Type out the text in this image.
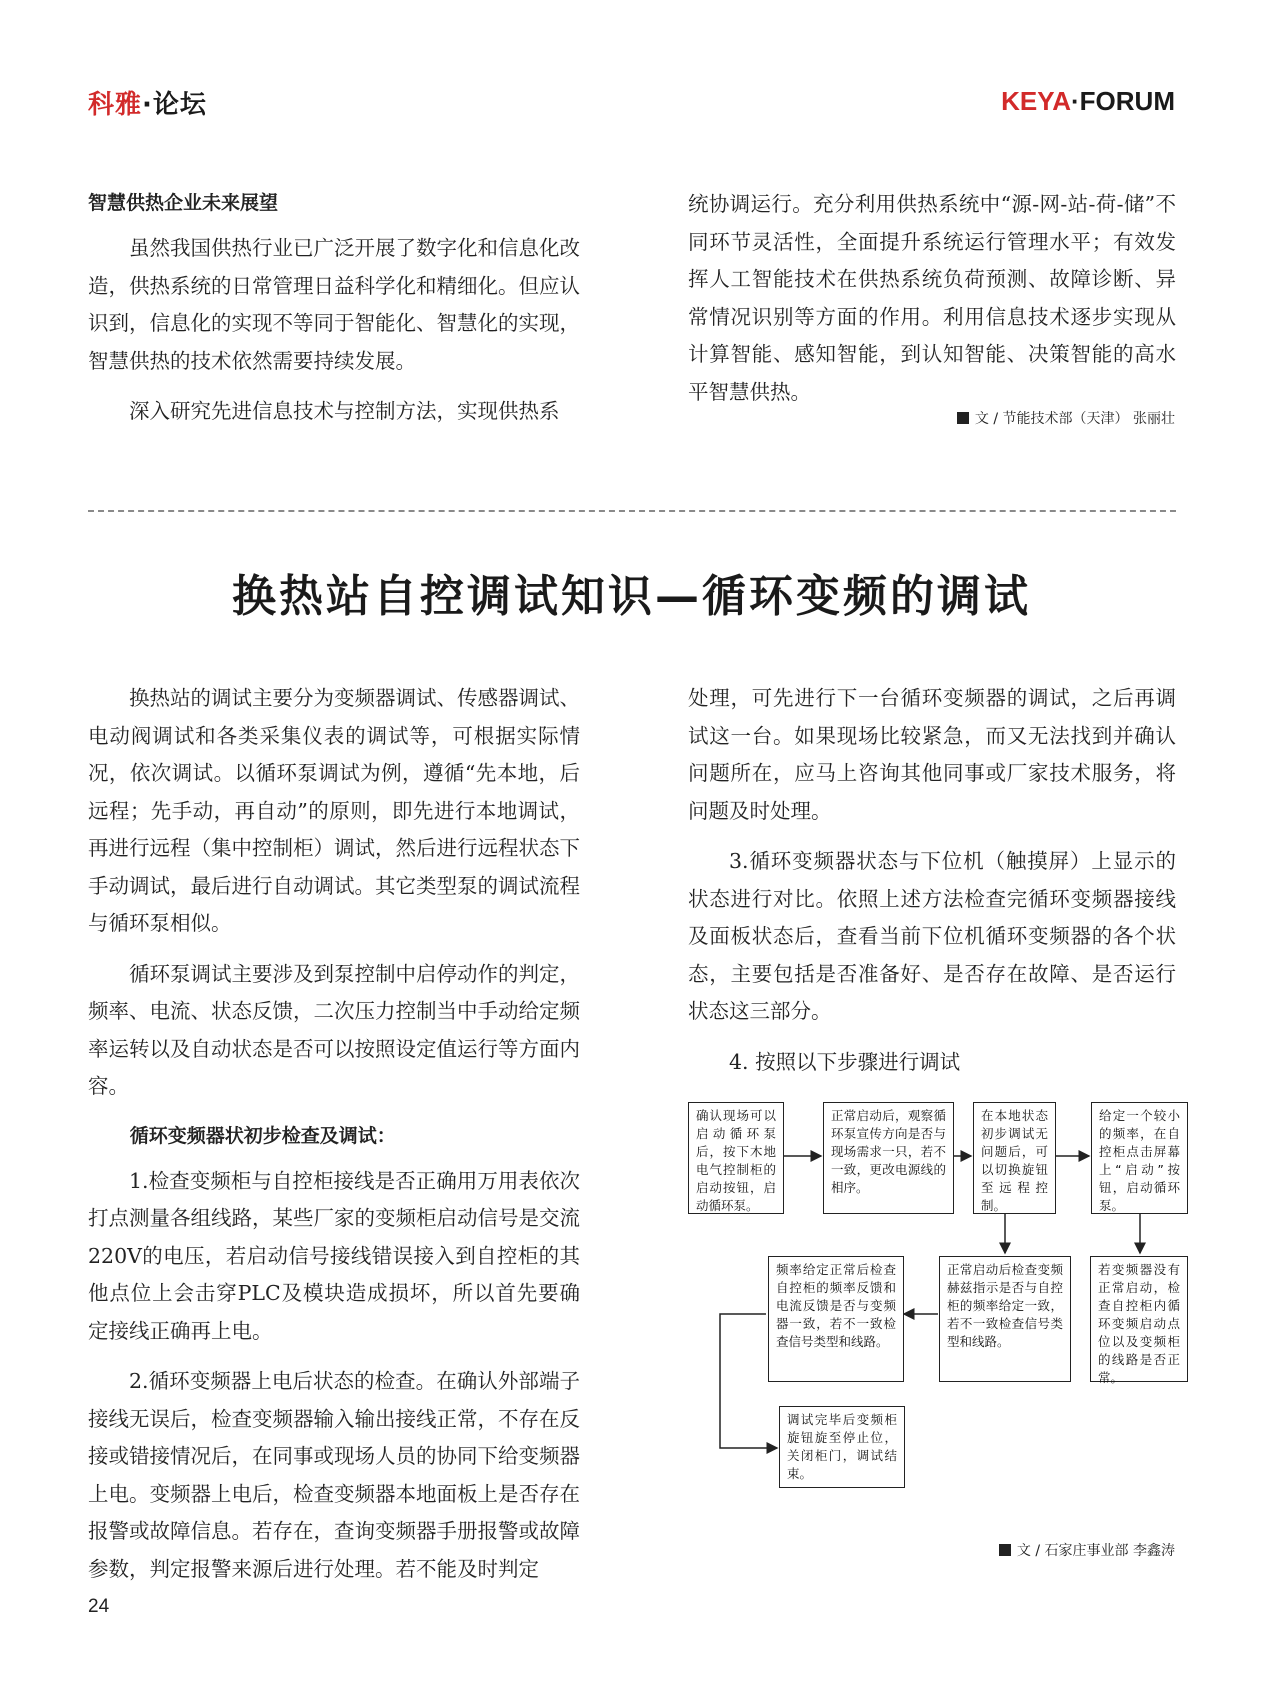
科雅·论坛	KEYA·FORUM
智慧供热企业未来展望

虽然我国供热行业已广泛开展了数字化和信息化改造，供热系统的日常管理日益科学化和精细化。但应认识到，信息化的实现不等同于智能化、智慧化的实现，智慧供热的技术依然需要持续发展。

深入研究先进信息技术与控制方法，实现供热系

统协调运行。充分利用供热系统中“源-网-站-荷-储”不同环节灵活性，全面提升系统运行管理水平；有效发挥人工智能技术在供热系统负荷预测、故障诊断、异常情况识别等方面的作用。利用信息技术逐步实现从计算智能、感知智能，到认知智能、决策智能的高水平智慧供热。

文 / 节能技术部（天津） 张丽壮
换热站自控调试知识—循环变频的调试

换热站的调试主要分为变频器调试、传感器调试、电动阀调试和各类采集仪表的调试等，可根据实际情况，依次调试。以循环泵调试为例，遵循“先本地，后远程；先手动，再自动”的原则，即先进行本地调试，再进行远程（集中控制柜）调试，然后进行远程状态下手动调试，最后进行自动调试。其它类型泵的调试流程与循环泵相似。

循环泵调试主要涉及到泵控制中启停动作的判定，频率、电流、状态反馈，二次压力控制当中手动给定频率运转以及自动状态是否可以按照设定值运行等方面内容。

循环变频器状初步检查及调试：

1.检查变频柜与自控柜接线是否正确用万用表依次打点测量各组线路，某些厂家的变频柜启动信号是交流220V的电压，若启动信号接线错误接入到自控柜的其他点位上会击穿PLC及模块造成损坏，所以首先要确定接线正确再上电。

2.循环变频器上电后状态的检查。在确认外部端子接线无误后，检查变频器输入输出接线正常，不存在反接或错接情况后，在同事或现场人员的协同下给变频器上电。变频器上电后，检查变频器本地面板上是否存在报警或故障信息。若存在，查询变频器手册报警或故障参数，判定报警来源后进行处理。若不能及时判定

处理，可先进行下一台循环变频器的调试，之后再调试这一台。如果现场比较紧急，而又无法找到并确认问题所在，应马上咨询其他同事或厂家技术服务，将问题及时处理。

3.循环变频器状态与下位机（触摸屏）上显示的状态进行对比。依照上述方法检查完循环变频器接线及面板状态后，查看当前下位机循环变频器的各个状态，主要包括是否准备好、是否存在故障、是否运行状态这三部分。

4. 按照以下步骤进行调试

确认现场可以启动循环泵后，按下木地电气控制柜的启动按钮，启动循环泵。
正常启动后，观察循环泵宣传方向是否与现场需求一只，若不一致，更改电源线的相序。
在本地状态初步调试无问题后，可以切换旋钮至远程控制。
给定一个较小的频率，在自控柜点击屏幕上“启动”按钮，启动循环泵。
若变频器没有正常启动，检查自控柜内循环变频启动点位以及变频柜的线路是否正常。
正常启动后检查变频赫兹指示是否与自控柜的频率给定一致，若不一致检查信号类型和线路。
频率给定正常后检查自控柜的频率反馈和电流反馈是否与变频器一致，若不一致检查信号类型和线路。
调试完毕后变频柜旋钮旋至停止位，关闭柜门，调试结束。
文 / 石家庄事业部 李鑫涛
24
